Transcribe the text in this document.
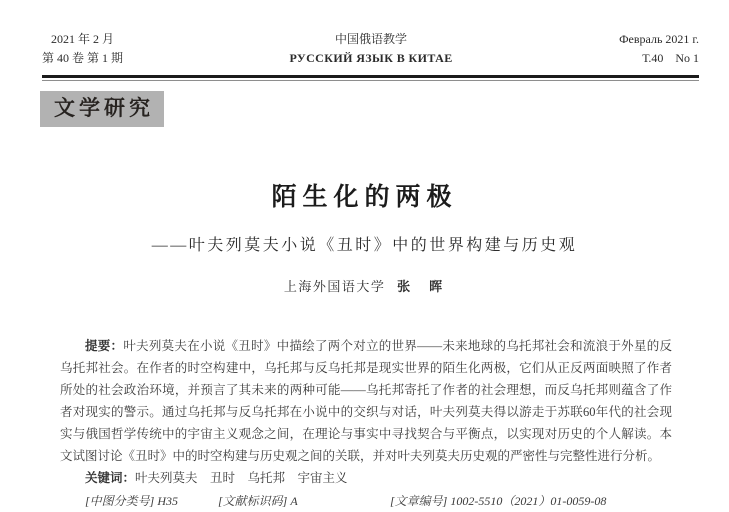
2021 年 2 月
第 40 卷 第 1 期
中国俄语教学
РУССКИЙ ЯЗЫК В КИТАЕ
Февраль 2021 г.
Т.40　No 1
文学研究
陌生化的两极
——叶夫列莫夫小说《丑时》中的世界构建与历史观
上海外国语大学 张　晖

提要：叶夫列莫夫在小说《丑时》中描绘了两个对立的世界——未来地球的乌托邦社会和流浪于外星的反乌托邦社会。在作者的时空构建中，乌托邦与反乌托邦是现实世界的陌生化两极，它们从正反两面映照了作者所处的社会政治环境，并预言了其未来的两种可能——乌托邦寄托了作者的社会理想，而反乌托邦则蕴含了作者对现实的警示。通过乌托邦与反乌托邦在小说中的交织与对话，叶夫列莫夫得以游走于苏联60年代的社会现实与俄国哲学传统中的宇宙主义观念之间，在理论与事实中寻找契合与平衡点，以实现对历史的个人解读。本文试图讨论《丑时》中的时空构建与历史观之间的关联，并对叶夫列莫夫历史观的严密性与完整性进行分析。

关键词：叶夫列莫夫　丑时　乌托邦　宇宙主义

[中图分类号] H35	[文献标识码] A	[文章编号] 1002-5510（2021）01-0059-08
